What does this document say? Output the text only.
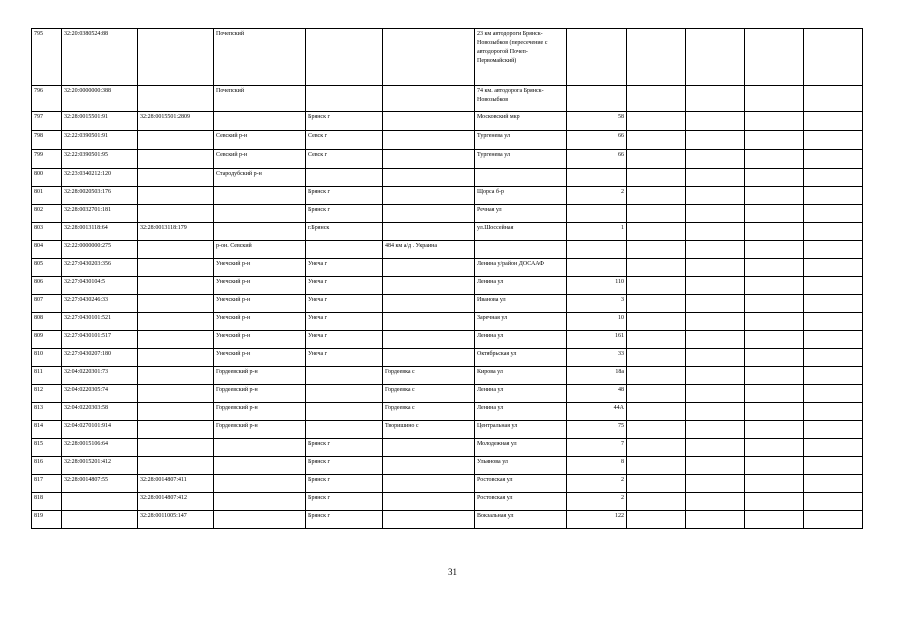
795	32:20:0380524:88		Почепский			23 км автодороги Брянск-Новозыбков (пересечение с автодорогой Почеп-Первомайский)					
796	32:20:0000000:388		Почепский			74 км. автодорога Брянск-Новозыбков					
797	32:28:0015501:91	32:28:0015501:2809		Брянск г		Московский мкр	58				
798	32:22:0390501:91		Севский р-н	Севск г		Тургенева ул	66				
799	32:22:0390501:95		Севский р-н	Севск г		Тургенева ул	66				
800	32:23:0340212:120		Стародубский р-н								
801	32:28:0020503:176			Брянск г		Щорса б-р	2				
802	32:28:0032701:181			Брянск г		Речная ул					
803	32:28:0013118:64	32:28:0013118:179		г.Брянск		ул.Шоссейная	1				
804	32:22:0000000:275		р-он. Севский		484 км а/д . Украина						
805	32:27:0430203:356		Унечский р-н	Унеча г		Ленина у/район ДОСААФ					
806	32:27:0430104:5		Унечский р-н	Унеча г		Ленина ул	110				
807	32:27:0430246:33		Унечский р-н	Унеча г		Иванова ул	3				
808	32:27:0430101:521		Унечский р-н	Унеча г		Заречная ул	10				
809	32:27:0430101:517		Унечский р-н	Унеча г		Ленина ул	161				
810	32:27:0430207:180		Унечский р-н	Унеча г		Октябрьская ул	33				
811	32:04:0220301:73		Гордеевский р-н		Гордеевка с	Кирова ул	18а				
812	32:04:0220305:74		Гордеевский р-н		Гордеевка с	Ленина ул	48				
813	32:04:0220303:58		Гордеевский р-н		Гордеевка с	Ленина ул	44А				
814	32:04:0270101:914		Гордеевский р-н		Творишино с	Центральная ул	75				
815	32:28:0015106:64			Брянск г		Молодежная ул	7				
816	32:28:0015201:412			Брянск г		Ульянова ул	8				
817	32:28:0014807:55	32:28:0014807:411		Брянск г		Ростовская ул	2				
818		32:28:0014807:412		Брянск г		Ростовская ул	2				
819		32:28:0011005:147		Брянск г		Вокзальная ул	122				
31
